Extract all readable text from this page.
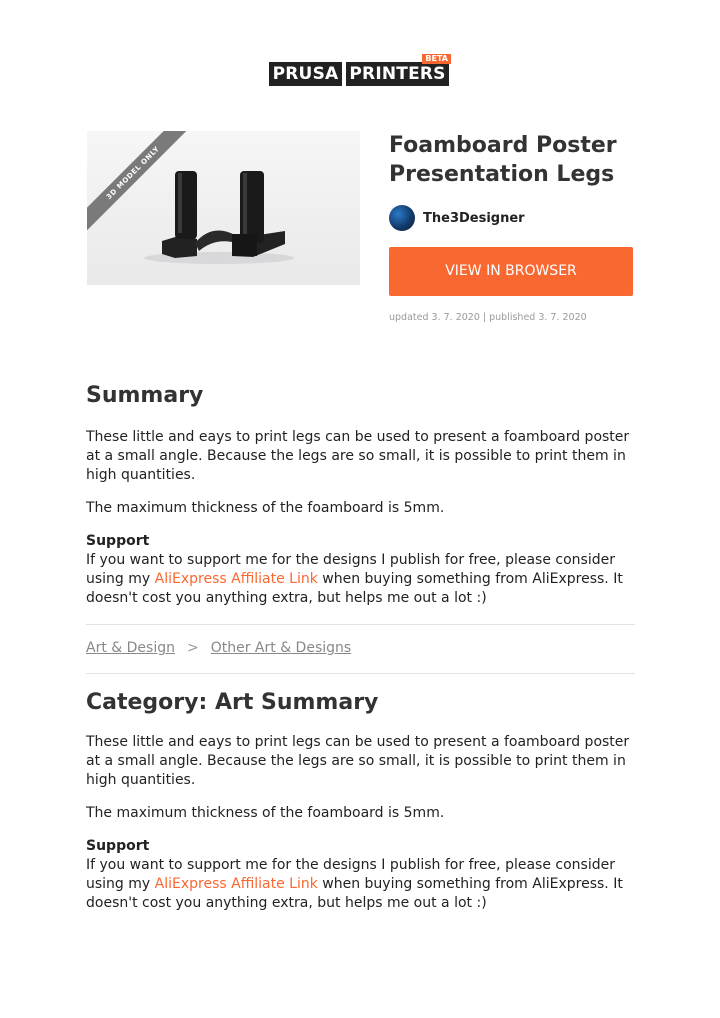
PRUSA PRINTERS
BETA
3D MODEL ONLY	Foamboard Poster Presentation Legs
The3Designer
VIEW IN BROWSER
updated 3. 7. 2020 | published 3. 7. 2020
Summary

These little and eays to print legs can be used to present a foamboard poster at a small angle. Because the legs are so small, it is possible to print them in high quantities.

The maximum thickness of the foamboard is 5mm.

Support
If you want to support me for the designs I publish for free, please consider using my AliExpress Affiliate Link when buying something from AliExpress. It doesn't cost you anything extra, but helps me out a lot :)

Art & Design > Other Art & Designs
Category: Art Summary

These little and eays to print legs can be used to present a foamboard poster at a small angle. Because the legs are so small, it is possible to print them in high quantities.

The maximum thickness of the foamboard is 5mm.

Support
If you want to support me for the designs I publish for free, please consider using my AliExpress Affiliate Link when buying something from AliExpress. It doesn't cost you anything extra, but helps me out a lot :)
